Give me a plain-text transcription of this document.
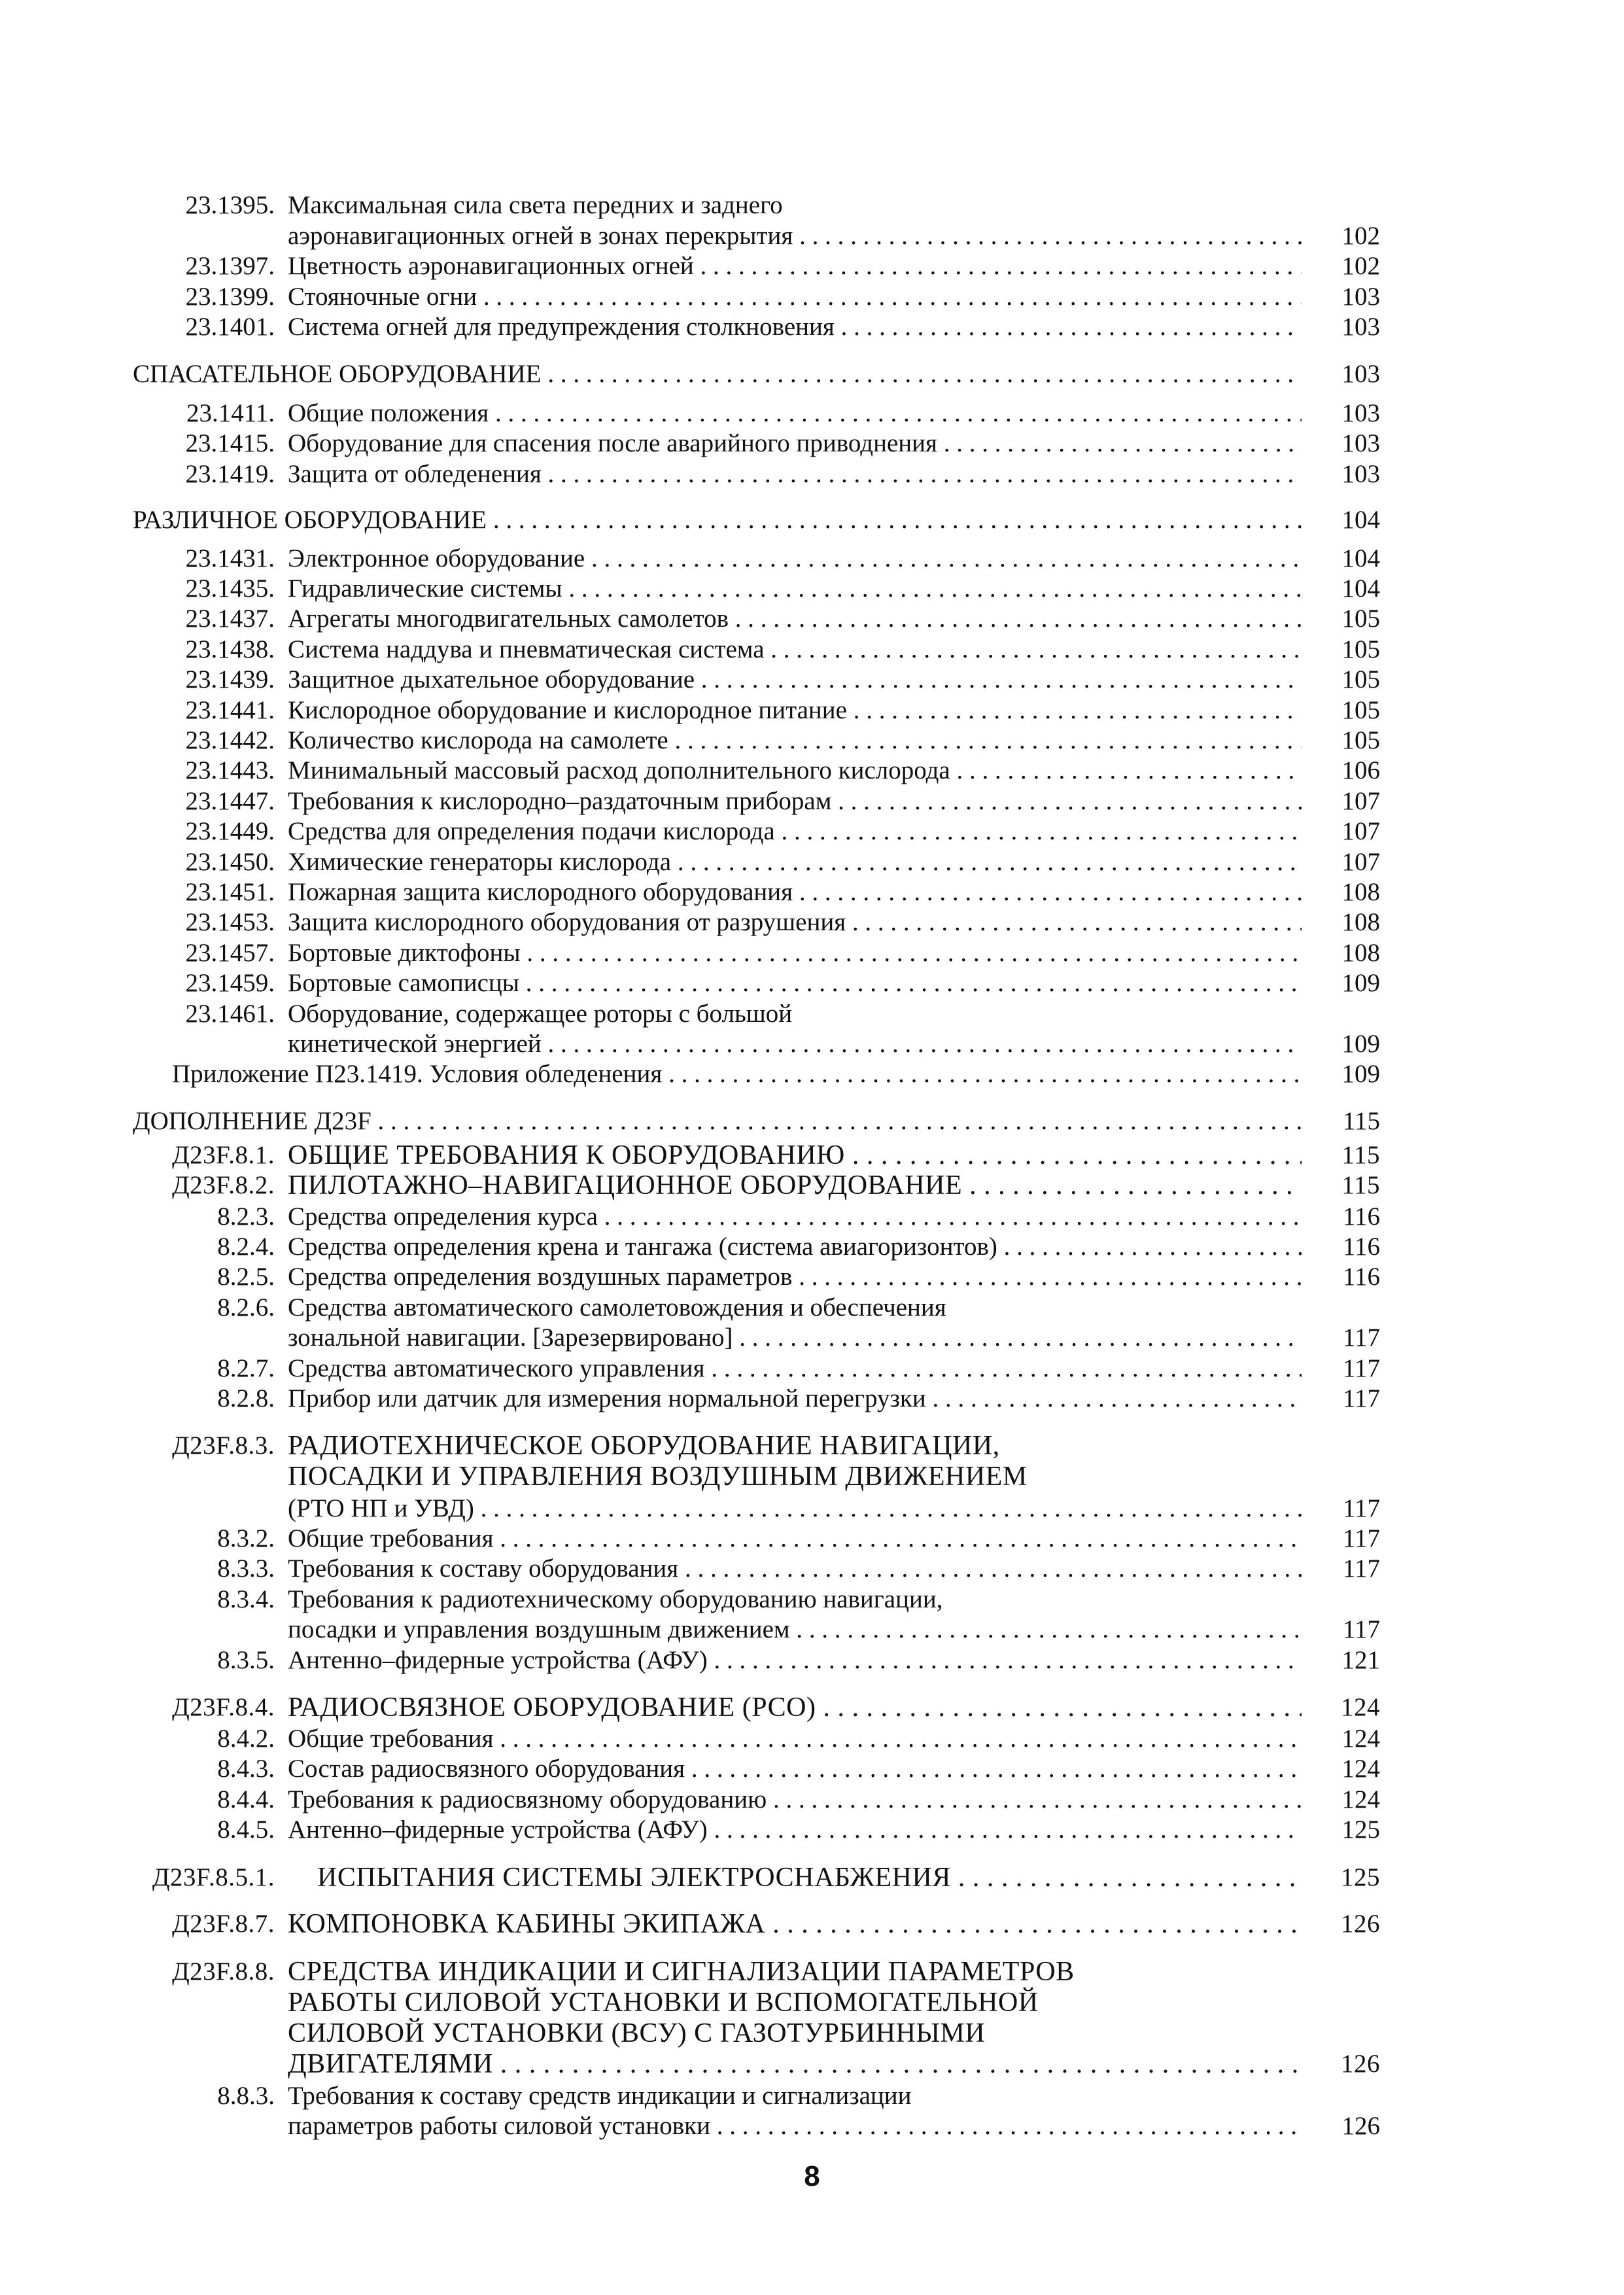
23.1395. Максимальная сила света передних и заднего
аэронавигационных огней в зонах перекрытия . . .	102
23.1397. Цветность аэронавигационных огней . . .	102
23.1399. Стояночные огни . . .	103
23.1401. Система огней для предупреждения столкновения . . .	103
СПАСАТЕЛЬНОЕ ОБОРУДОВАНИЕ . . .	103
23.1411. Общие положения . . .	103
23.1415. Оборудование для спасения после аварийного приводнения . . .	103
23.1419. Защита от обледенения . . .	103
РАЗЛИЧНОЕ ОБОРУДОВАНИЕ . . .	104
23.1431. Электронное оборудование . . .	104
23.1435. Гидравлические системы . . .	104
23.1437. Агрегаты многодвигательных самолетов . . .	105
23.1438. Система наддува и пневматическая система . . .	105
23.1439. Защитное дыхательное оборудование . . .	105
23.1441. Кислородное оборудование и кислородное питание . . .	105
23.1442. Количество кислорода на самолете . . .	105
23.1443. Минимальный массовый расход дополнительного кислорода . . .	106
23.1447. Требования к кислородно–раздаточным приборам . . .	107
23.1449. Средства для определения подачи кислорода . . .	107
23.1450. Химические генераторы кислорода . . .	107
23.1451. Пожарная защита кислородного оборудования . . .	108
23.1453. Защита кислородного оборудования от разрушения . . .	108
23.1457. Бортовые диктофоны . . .	108
23.1459. Бортовые самописцы . . .	109
23.1461. Оборудование, содержащее роторы с большой
кинетической энергией . . .	109
Приложение П23.1419. Условия обледенения . . .	109
ДОПОЛНЕНИЕ Д23F . . .	115
Д23F.8.1. ОБЩИЕ ТРЕБОВАНИЯ К ОБОРУДОВАНИЮ . . .	115
Д23F.8.2. ПИЛОТАЖНО–НАВИГАЦИОННОЕ ОБОРУДОВАНИЕ . . .	115
8.2.3. Средства определения курса . . .	116
8.2.4. Средства определения крена и тангажа (система авиагоризонтов) . . .	116
8.2.5. Средства определения воздушных параметров . . .	116
8.2.6. Средства автоматического самолетовождения и обеспечения
зональной навигации. [Зарезервировано] . . .	117
8.2.7. Средства автоматического управления . . .	117
8.2.8. Прибор или датчик для измерения нормальной перегрузки . . .	117
Д23F.8.3. РАДИОТЕХНИЧЕСКОЕ ОБОРУДОВАНИЕ НАВИГАЦИИ,
ПОСАДКИ И УПРАВЛЕНИЯ ВОЗДУШНЫМ ДВИЖЕНИЕМ
(РТО НП и УВД) . . .	117
8.3.2. Общие требования . . .	117
8.3.3. Требования к составу оборудования . . .	117
8.3.4. Требования к радиотехническому оборудованию навигации,
посадки и управления воздушным движением . . .	117
8.3.5. Антенно–фидерные устройства (АФУ) . . .	121
Д23F.8.4. РАДИОСВЯЗНОЕ ОБОРУДОВАНИЕ (РСО) . . .	124
8.4.2. Общие требования . . .	124
8.4.3. Состав радиосвязного оборудования . . .	124
8.4.4. Требования к радиосвязному оборудованию . . .	124
8.4.5. Антенно–фидерные устройства (АФУ) . . .	125
Д23F.8.5.1. ИСПЫТАНИЯ СИСТЕМЫ ЭЛЕКТРОСНАБЖЕНИЯ . . .	125
Д23F.8.7. КОМПОНОВКА КАБИНЫ ЭКИПАЖА . . .	126
Д23F.8.8. СРЕДСТВА ИНДИКАЦИИ И СИГНАЛИЗАЦИИ ПАРАМЕТРОВ
РАБОТЫ СИЛОВОЙ УСТАНОВКИ И ВСПОМОГАТЕЛЬНОЙ
СИЛОВОЙ УСТАНОВКИ (ВСУ) С ГАЗОТУРБИННЫМИ
ДВИГАТЕЛЯМИ . . .	126
8.8.3. Требования к составу средств индикации и сигнализации
параметров работы силовой установки . . .	126
8
